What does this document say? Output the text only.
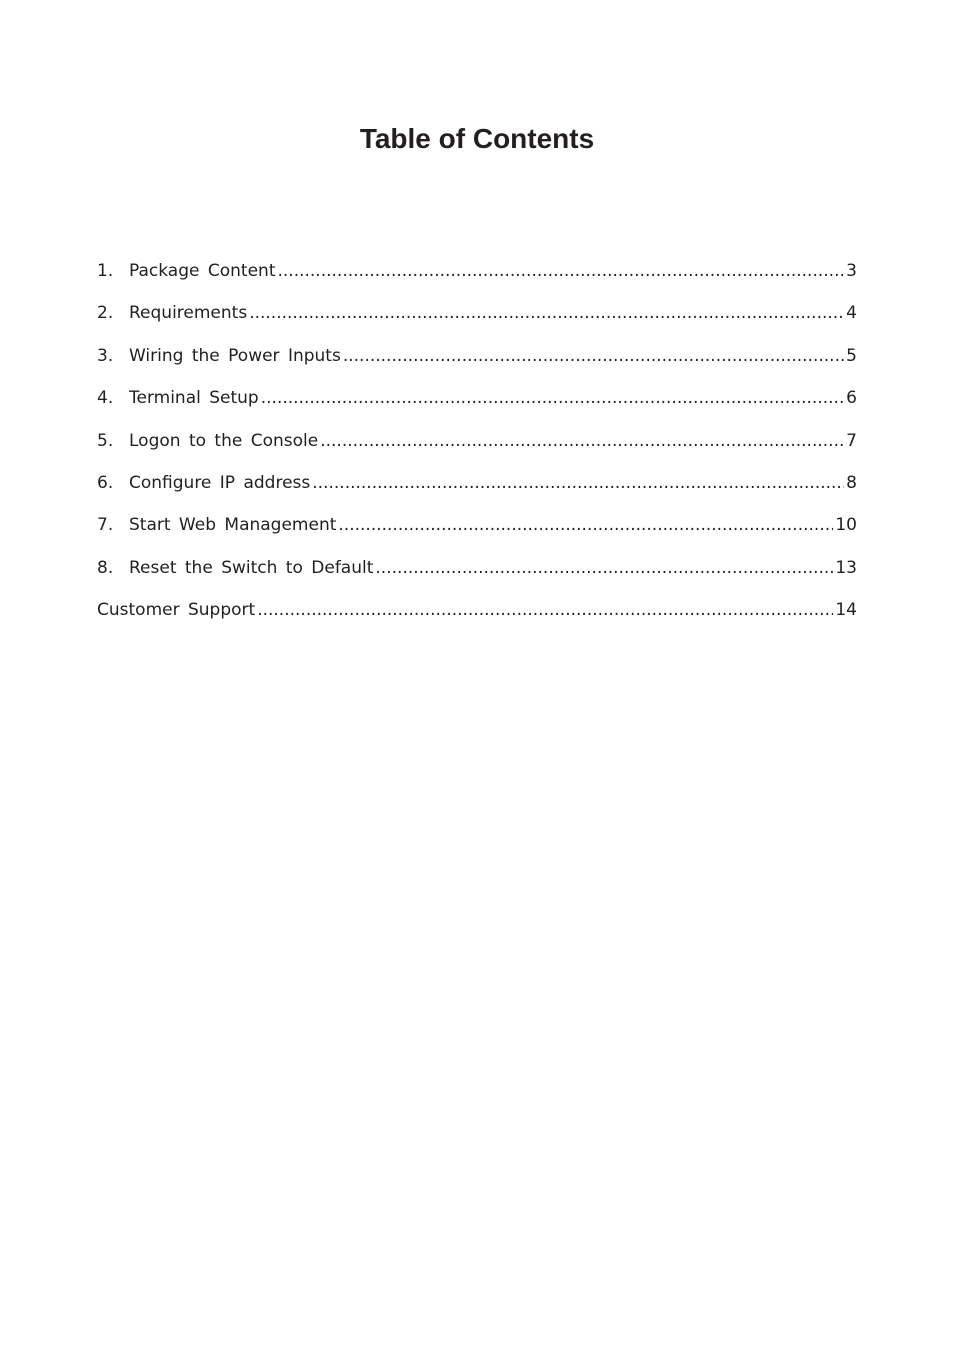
Table of Contents
1. Package Content .....	3
2. Requirements .....	4
3. Wiring the Power Inputs .....	5
4. Terminal Setup .....	6
5. Logon to the Console .....	7
6. Configure IP address .....	8
7. Start Web Management .....	10
8. Reset the Switch to Default .....	13
Customer Support .....	14
